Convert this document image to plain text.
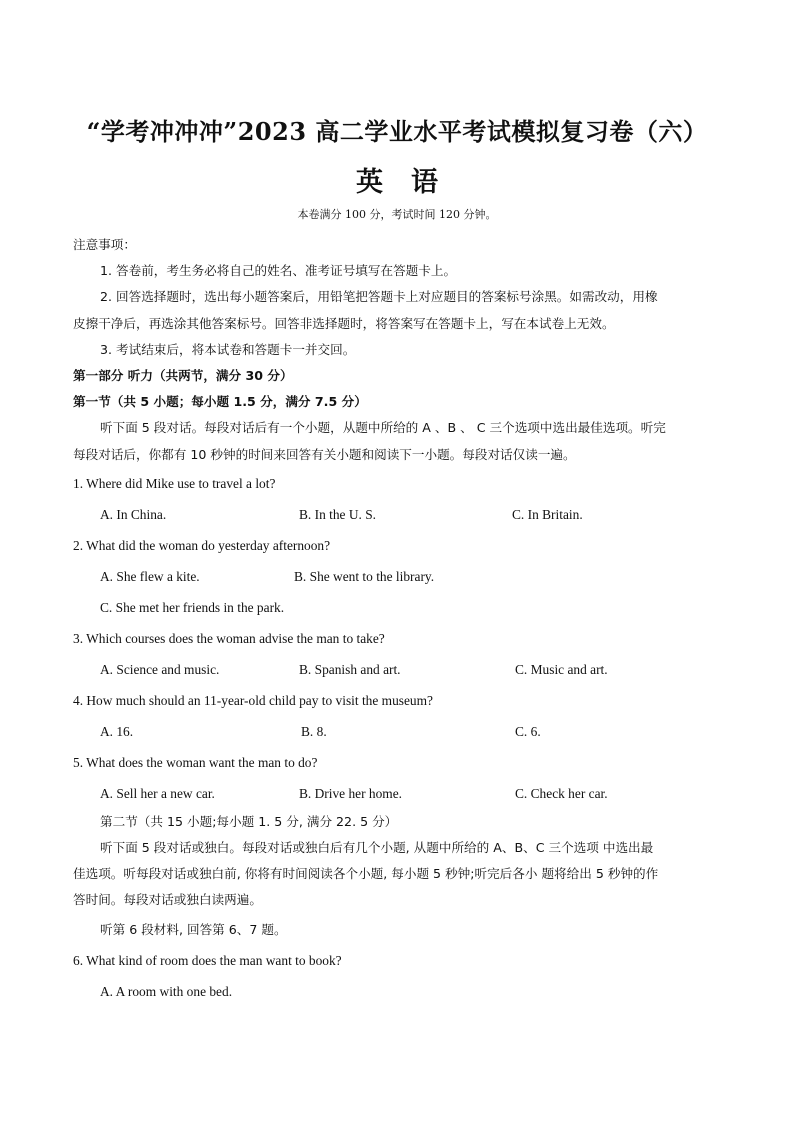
“学考冲冲冲”2023 高二学业水平考试模拟复习卷（六）
英语
本卷满分 100 分，考试时间 120 分钟。

注意事项：

1. 答卷前，考生务必将自己的姓名、准考证号填写在答题卡上。

2. 回答选择题时，选出每小题答案后，用铅笔把答题卡上对应题目的答案标号涂黑。如需改动，用橡

皮擦干净后，再选涂其他答案标号。回答非选择题时，将答案写在答题卡上，写在本试卷上无效。

3. 考试结束后，将本试卷和答题卡一并交回。

第一部分 听力（共两节，满分 30 分）

第一节（共 5 小题；每小题 1.5 分，满分 7.5 分）

听下面 5 段对话。每段对话后有一个小题，从题中所给的 A 、B 、 C 三个选项中选出最佳选项。听完

每段对话后，你都有 10 秒钟的时间来回答有关小题和阅读下一小题。每段对话仅读一遍。

1. Where did Mike use to travel a lot?

A. In China.	B. In the U. S.	C. In Britain.

2. What did the woman do yesterday afternoon?

A. She flew a kite.	B. She went to the library.
C. She met her friends in the park.

3. Which courses does the woman advise the man to take?

A. Science and music.	B. Spanish and art.	C. Music and art.

4. How much should an 11-year-old child pay to visit the museum?

A. 16.	B. 8.	C. 6.

5. What does the woman want the man to do?

A. Sell her a new car.	B. Drive her home.	C. Check her car.

第二节（共 15 小题;每小题 1. 5 分, 满分 22. 5 分）

听下面 5 段对话或独白。每段对话或独白后有几个小题, 从题中所给的 A、B、C 三个选项 中选出最

佳选项。听每段对话或独白前, 你将有时间阅读各个小题, 每小题 5 秒钟;听完后各小 题将给出 5 秒钟的作

答时间。每段对话或独白读两遍。

听第 6 段材料, 回答第 6、7 题。

6. What kind of room does the man want to book?

A. A room with one bed.
